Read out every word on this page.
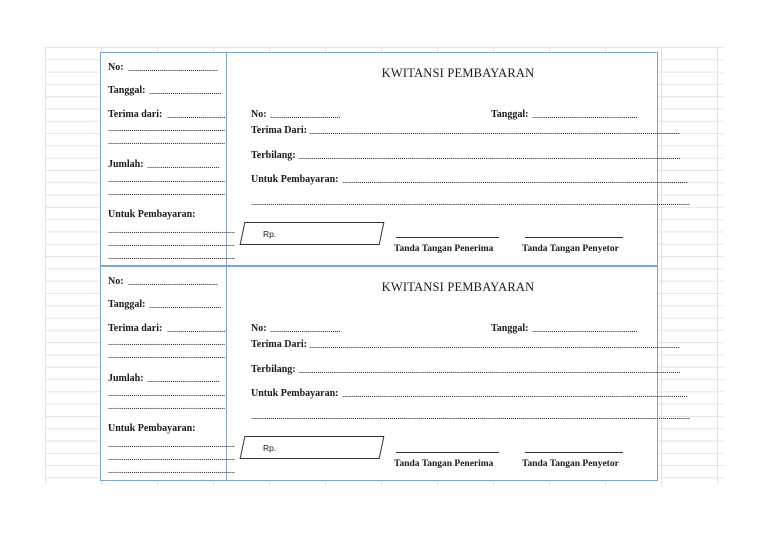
No: ..............................................
Tanggal: .....................................
Terima dari: ..............................
............................................................
............................................................
Jumlah: .....................................
............................................................
............................................................
Untuk Pembayaran:
.................................................................
.................................................................
.................................................................
KWITANSI PEMBAYARAN
No: ....................................	Tanggal: ......................................................
Terima Dari: ..............................................................................................................................................................................................
Terbilang: ....................................................................................................................................................................................................
Untuk Pembayaran: .................................................................................................................................................................................
.................................................................................................................................................................................................................................
Rp.
Tanda Tangan Penerima	Tanda Tangan Penyetor
No: ..............................................
Tanggal: .....................................
Terima dari: ..............................
............................................................
............................................................
Jumlah: .....................................
............................................................
............................................................
Untuk Pembayaran:
.................................................................
.................................................................
.................................................................
KWITANSI PEMBAYARAN
No: ....................................	Tanggal: ......................................................
Terima Dari: ..............................................................................................................................................................................................
Terbilang: ....................................................................................................................................................................................................
Untuk Pembayaran: .................................................................................................................................................................................
.................................................................................................................................................................................................................................
Rp.
Tanda Tangan Penerima	Tanda Tangan Penyetor
